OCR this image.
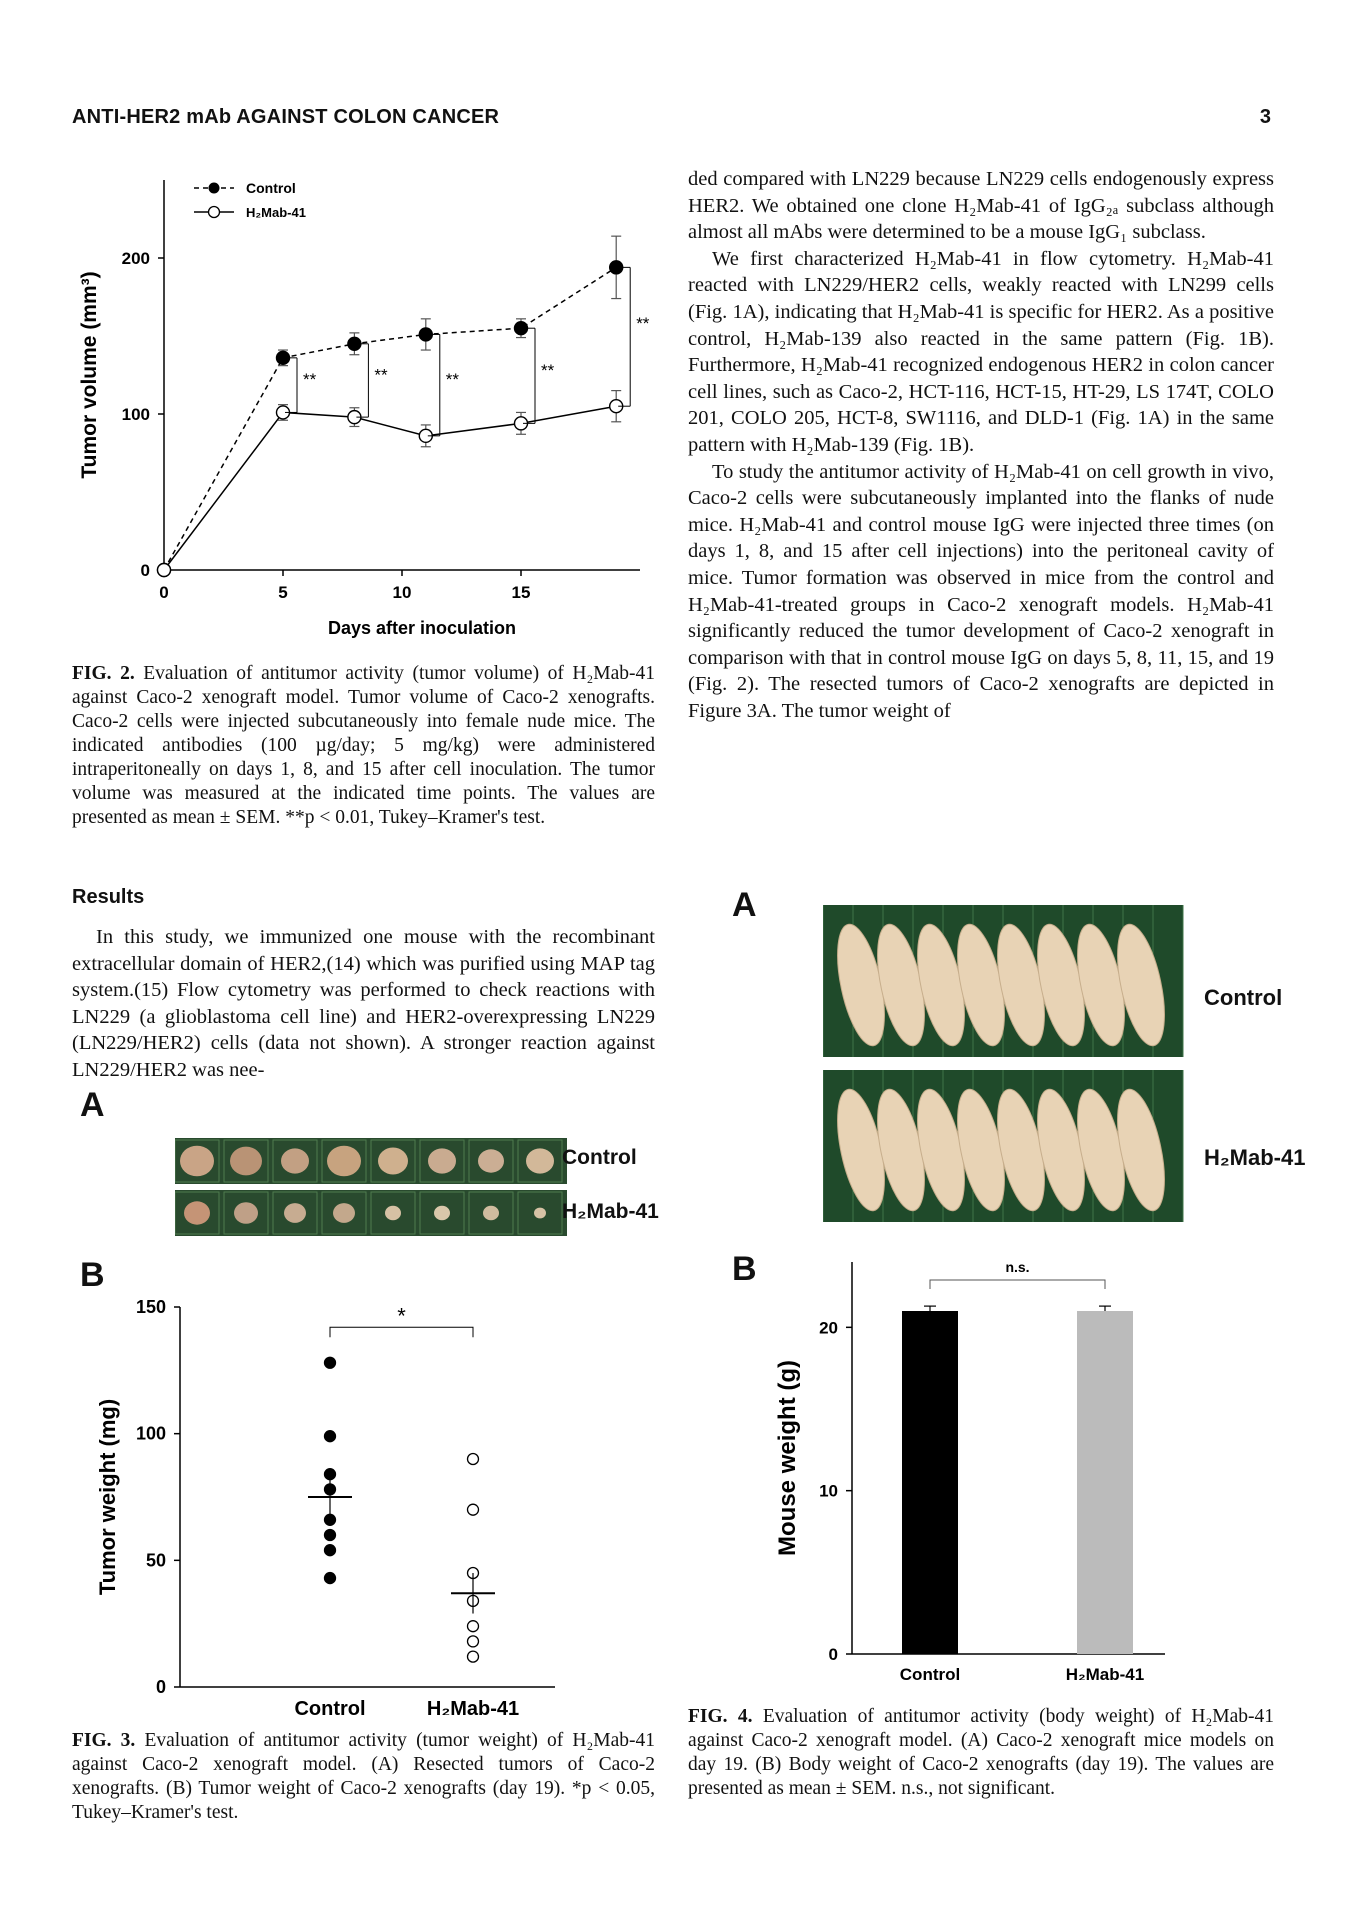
ANTI-HER2 mAb AGAINST COLON CANCER	3
0
100
200
0	5	10	15
Days after inoculation
Tumor volume (mm³)	**	**	**	**
**
Control
H₂Mab-41

FIG. 2. Evaluation of antitumor activity (tumor volume) of H₂Mab-41 against Caco-2 xenograft model. Tumor volume of Caco-2 xenografts. Caco-2 cells were injected subcutaneously into female nude mice. The indicated antibodies (100 µg/day; 5 mg/kg) were administered intraperitoneally on days 1, 8, and 15 after cell inoculation. The tumor volume was measured at the indicated time points. The values are presented as mean ± SEM. **p < 0.01, Tukey–Kramer's test.

Results

In this study, we immunized one mouse with the recombinant extracellular domain of HER2,(14) which was purified using MAP tag system.(15) Flow cytometry was performed to check reactions with LN229 (a glioblastoma cell line) and HER2-overexpressing LN229 (LN229/HER2) cells (data not shown). A stronger reaction against LN229/HER2 was nee-

ded compared with LN229 because LN229 cells endogenously express HER2. We obtained one clone H₂Mab-41 of IgG₂ₐ subclass although almost all mAbs were determined to be a mouse IgG₁ subclass.

We first characterized H₂Mab-41 in flow cytometry. H₂Mab-41 reacted with LN229/HER2 cells, weakly reacted with LN299 cells (Fig. 1A), indicating that H₂Mab-41 is specific for HER2. As a positive control, H₂Mab-139 also reacted in the same pattern (Fig. 1B). Furthermore, H₂Mab-41 recognized endogenous HER2 in colon cancer cell lines, such as Caco-2, HCT-116, HCT-15, HT-29, LS 174T, COLO 201, COLO 205, HCT-8, SW1116, and DLD-1 (Fig. 1A) in the same pattern with H₂Mab-139 (Fig. 1B).

To study the antitumor activity of H₂Mab-41 on cell growth in vivo, Caco-2 cells were subcutaneously implanted into the flanks of nude mice. H₂Mab-41 and control mouse IgG were injected three times (on days 1, 8, and 15 after cell injections) into the peritoneal cavity of mice. Tumor formation was observed in mice from the control and H₂Mab-41-treated groups in Caco-2 xenograft models. H₂Mab-41 significantly reduced the tumor development of Caco-2 xenograft in comparison with that in control mouse IgG on days 5, 8, 11, 15, and 19 (Fig. 2). The resected tumors of Caco-2 xenografts are depicted in Figure 3A. The tumor weight of

A
Control
H₂Mab-41
B
0
50
100
150
Tumor weight (mg)
Control	H₂Mab-41
*

FIG. 3. Evaluation of antitumor activity (tumor weight) of H₂Mab-41 against Caco-2 xenograft model. (A) Resected tumors of Caco-2 xenografts. (B) Tumor weight of Caco-2 xenografts (day 19). *p < 0.05, Tukey–Kramer's test.

A
Control
H₂Mab-41
B
0
10
20
Mouse weight (g)
Control	H₂Mab-41
n.s.

FIG. 4. Evaluation of antitumor activity (body weight) of H₂Mab-41 against Caco-2 xenograft model. (A) Caco-2 xenograft mice models on day 19. (B) Body weight of Caco-2 xenografts (day 19). The values are presented as mean ± SEM. n.s., not significant.
